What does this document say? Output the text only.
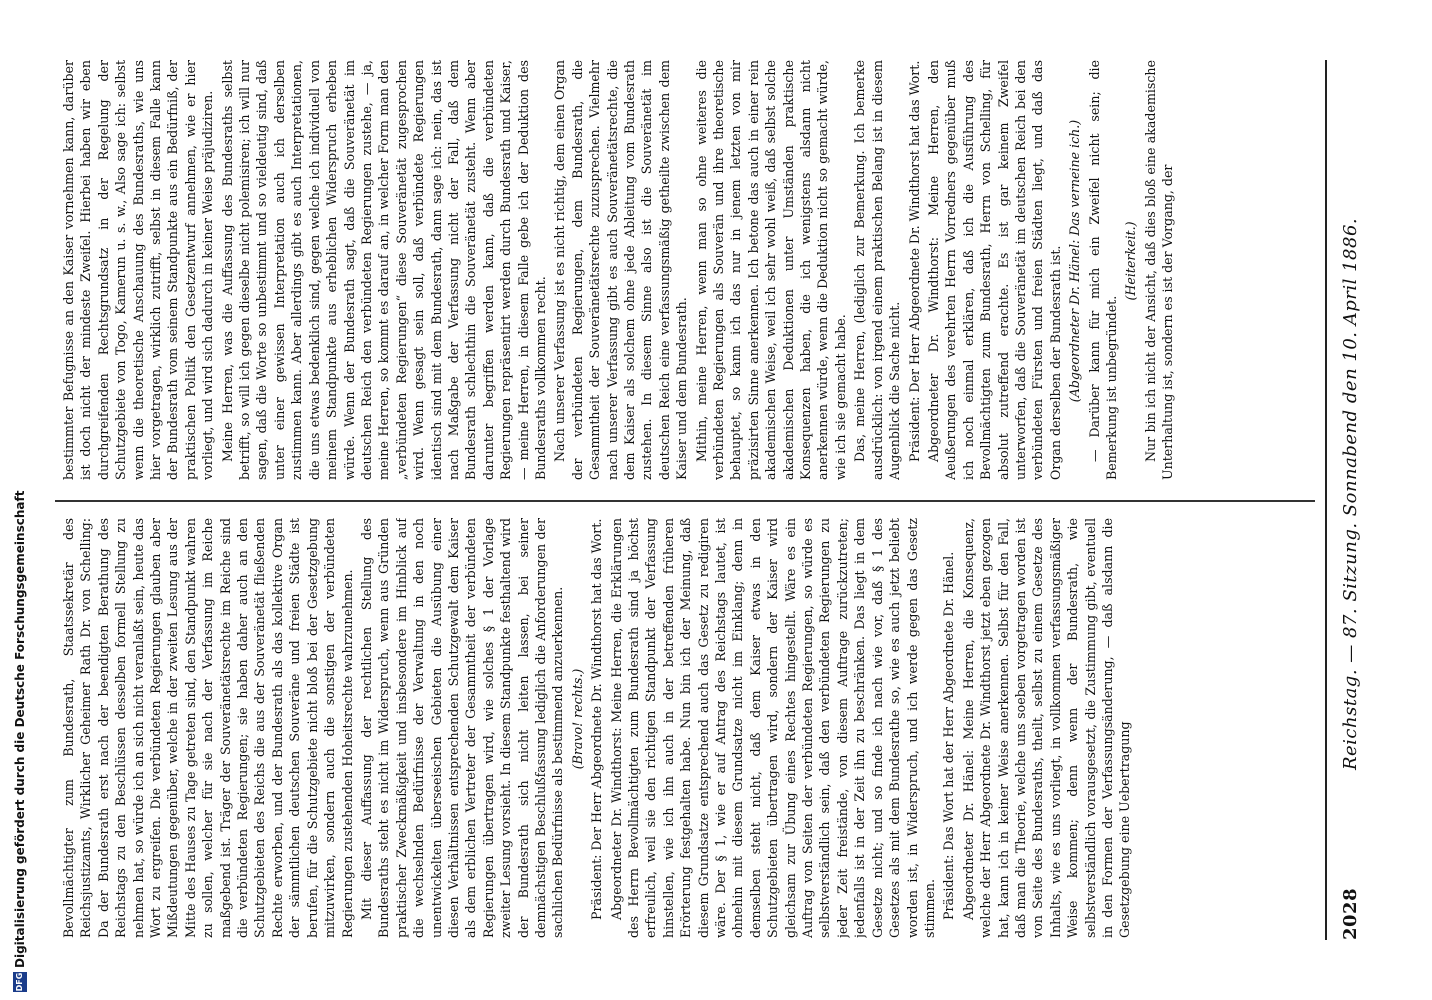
DFG
Digitalisierung gefördert durch die Deutsche Forschungsgemeinschaft	Bevollmächtigter zum Bundesrath, Staatssekretär des Reichsjustizamts, Wirklicher Geheimer Rath Dr. von Schelling: Da der Bundesrath erst nach der beendigten Berathung des Reichstags zu den Beschlüssen desselben formell Stellung zu nehmen hat, so würde ich an sich nicht veranlaßt sein, heute das Wort zu ergreifen. Die verbündeten Regierungen glauben aber Mißdeutungen gegenüber, welche in der zweiten Lesung aus der Mitte des Hauses zu Tage getreten sind, den Standpunkt wahren zu sollen, welcher für sie nach der Verfassung im Reiche maßgebend ist. Träger der Souveränetätsrechte im Reiche sind die verbündeten Regierungen; sie haben daher auch an den Schutzgebieten des Reichs die aus der Souveränetät fließenden Rechte erworben, und der Bundesrath als das kollektive Organ der sämmtlichen deutschen Souveräne und freien Städte ist berufen, für die Schutzgebiete nicht bloß bei der Gesetzgebung mitzuwirken, sondern auch die sonstigen der verbündeten Regierungen zustehenden Hoheitsrechte wahrzunehmen. Mit dieser Auffassung der rechtlichen Stellung des Bundesraths steht es nicht im Widerspruch, wenn aus Gründen praktischer Zweckmäßigkeit und insbesondere im Hinblick auf die wechselnden Bedürfnisse der Verwaltung in den noch unentwickelten überseeischen Gebieten die Ausübung einer diesen Verhältnissen entsprechenden Schutzgewalt dem Kaiser als dem erblichen Vertreter der Gesammtheit der verbündeten Regierungen übertragen wird, wie solches § 1 der Vorlage zweiter Lesung vorsieht. In diesem Standpunkte festhaltend wird der Bundesrath sich nicht leiten lassen, bei seiner demnächstigen Beschlußfassung lediglich die Anforderungen der sachlichen Bedürfnisse als bestimmend anzuerkennen. (Bravo! rechts.) Präsident: Der Herr Abgeordnete Dr. Windthorst hat das Wort. Abgeordneter Dr. Windthorst: Meine Herren, die Erklärungen des Herrn Bevollmächtigten zum Bundesrath sind ja höchst erfreulich, weil sie den richtigen Standpunkt der Verfassung hinstellen, wie ich ihn auch in der betreffenden früheren Erörterung festgehalten habe. Nun bin ich der Meinung, daß diesem Grundsatze entsprechend auch das Gesetz zu redigiren wäre. Der § 1, wie er auf Antrag des Reichstags lautet, ist ohnehin mit diesem Grundsatze nicht im Einklang; denn in demselben steht nicht, daß dem Kaiser etwas in den Schutzgebieten übertragen wird, sondern der Kaiser wird gleichsam zur Übung eines Rechtes hingestellt. Wäre es ein Auftrag von Seiten der verbündeten Regierungen, so würde es selbstverständlich sein, daß den verbündeten Regierungen zu jeder Zeit freistände, von diesem Auftrage zurückzutreten; jedenfalls ist in der Zeit ihn zu beschränken. Das liegt in dem Gesetze nicht; und so finde ich nach wie vor, daß § 1 des Gesetzes als mit dem Bundesrathe so, wie es auch jetzt beliebt worden ist, in Widerspruch, und ich werde gegen das Gesetz stimmen. Präsident: Das Wort hat der Herr Abgeordnete Dr. Hänel. Abgeordneter Dr. Hänel: Meine Herren, die Konsequenz, welche der Herr Abgeordnete Dr. Windthorst jetzt eben gezogen hat, kann ich in keiner Weise anerkennen. Selbst für den Fall, daß man die Theorie, welche uns soeben vorgetragen worden ist von Seite des Bundesraths, theilt, selbst zu einem Gesetze des Inhalts, wie es uns vorliegt, in vollkommen verfassungsmäßiger Weise kommen; denn wenn der Bundesrath, wie selbstverständlich vorausgesetzt, die Zustimmung gibt, eventuell in den Formen der Verfassungsänderung, — daß alsdann die Gesetzgebung eine Uebertragung

bestimmter Befugnisse an den Kaiser vornehmen kann, darüber ist doch nicht der mindeste Zweifel. Hierbei haben wir eben durchgreifenden Rechtsgrundsatz in der Regelung der Schutzgebiete von Togo, Kamerun u. s. w., Also sage ich: selbst wenn die theoretische Anschauung des Bundesraths, wie uns hier vorgetragen, wirklich zutrifft, selbst in diesem Falle kann der Bundesrath vom seinem Standpunkte aus ein Bedürfniß, der praktischen Politik den Gesetzentwurf annehmen, wie er hier vorliegt, und wird sich dadurch in keiner Weise präjudiziren. Meine Herren, was die Auffassung des Bundesraths selbst betrifft, so will ich gegen dieselbe nicht polemisiren; ich will nur sagen, daß die Worte so unbestimmt und so vieldeutig sind, daß unter einer gewissen Interpretation auch ich derselben zustimmen kann. Aber allerdings gibt es auch Interpretationen, die uns etwas bedenklich sind, gegen welche ich individuell von meinem Standpunkte aus erheblichen Widerspruch erheben würde. Wenn der Bundesrath sagt, daß die Souveränetät im deutschen Reich den verbündeten Regierungen zustehe, — ja, meine Herren, so kommt es darauf an, in welcher Form man den „verbündeten Regierungen“ diese Souveränetät zugesprochen wird. Wenn gesagt sein soll, daß verbündete Regierungen identisch sind mit dem Bundesrath, dann sage ich: nein, das ist nach Maßgabe der Verfassung nicht der Fall, daß dem Bundesrath schlechthin die Souveränetät zusteht. Wenn aber darunter begriffen werden kann, daß die verbündeten Regierungen repräsentirt werden durch Bundesrath und Kaiser, — meine Herren, in diesem Falle gebe ich der Deduktion des Bundesraths vollkommen recht. Nach unserer Verfassung ist es nicht richtig, dem einen Organ der verbündeten Regierungen, dem Bundesrath, die Gesammtheit der Souveränetätsrechte zuzusprechen. Vielmehr nach unserer Verfassung gibt es auch Souveränetätsrechte, die dem Kaiser als solchem ohne jede Ableitung vom Bundesrath zustehen. In diesem Sinne also ist die Souveränetät im deutschen Reich eine verfassungsmäßig getheilte zwischen dem Kaiser und dem Bundesrath. Mithin, meine Herren, wenn man so ohne weiteres die verbündeten Regierungen als Souverän und ihre theoretische behauptet, so kann ich das nur in jenem letzten von mir präzisirten Sinne anerkennen. Ich betone das auch in einer rein akademischen Weise, weil ich sehr wohl weiß, daß selbst solche akademischen Deduktionen unter Umständen praktische Konsequenzen haben, die ich wenigstens alsdann nicht anerkennen würde, wenn die Deduktion nicht so gemacht würde, wie ich sie gemacht habe. Das, meine Herren, (lediglich zur Bemerkung. Ich bemerke ausdrücklich: von irgend einem praktischen Belang ist in diesem Augenblick die Sache nicht. Präsident: Der Herr Abgeordnete Dr. Windthorst hat das Wort. Abgeordneter Dr. Windthorst: Meine Herren, den Aeußerungen des verehrten Herrn Vorredners gegenüber muß ich noch einmal erklären, daß ich die Ausführung des Bevollmächtigten zum Bundesrath, Herrn von Schelling, für absolut zutreffend erachte. Es ist gar keinem Zweifel unterworfen, daß die Souveränetät im deutschen Reich bei den verbündeten Fürsten und freien Städten liegt, und daß das Organ derselben der Bundesrath ist. (Abgeordneter Dr. Hänel: Das verneine ich.) — Darüber kann für mich ein Zweifel nicht sein; die Bemerkung ist unbegründet.

(Heiterkeit.) Nur bin ich nicht der Ansicht, daß dies bloß eine akademische Unterhaltung ist, sondern es ist der Vorgang, der

2028
Reichstag. — 87. Sitzung. Sonnabend den 10. April 1886.
